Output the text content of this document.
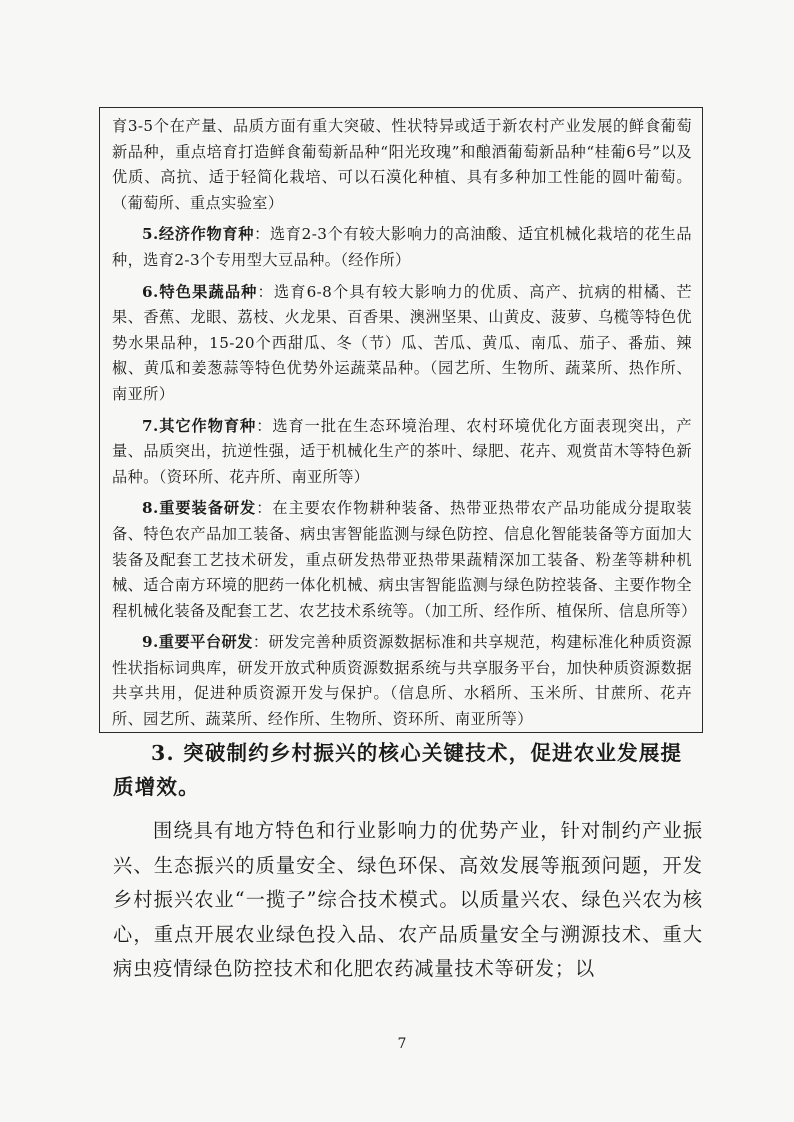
育3-5个在产量、品质方面有重大突破、性状特异或适于新农村产业发展的鲜食葡萄新品种，重点培育打造鲜食葡萄新品种“阳光玫瑰”和酿酒葡萄新品种“桂葡6号”以及优质、高抗、适于轻简化栽培、可以石漠化种植、具有多种加工性能的圆叶葡萄。（葡萄所、重点实验室）

5.经济作物育种：选育2-3个有较大影响力的高油酸、适宜机械化栽培的花生品种，选育2-3个专用型大豆品种。（经作所）

6.特色果蔬品种：选育6-8个具有较大影响力的优质、高产、抗病的柑橘、芒果、香蕉、龙眼、荔枝、火龙果、百香果、澳洲坚果、山黄皮、菠萝、乌榄等特色优势水果品种，15-20个西甜瓜、冬（节）瓜、苦瓜、黄瓜、南瓜、茄子、番茄、辣椒、黄瓜和姜葱蒜等特色优势外运蔬菜品种。（园艺所、生物所、蔬菜所、热作所、南亚所）

7.其它作物育种：选育一批在生态环境治理、农村环境优化方面表现突出，产量、品质突出，抗逆性强，适于机械化生产的茶叶、绿肥、花卉、观赏苗木等特色新品种。（资环所、花卉所、南亚所等）

8.重要装备研发：在主要农作物耕种装备、热带亚热带农产品功能成分提取装备、特色农产品加工装备、病虫害智能监测与绿色防控、信息化智能装备等方面加大装备及配套工艺技术研发，重点研发热带亚热带果蔬精深加工装备、粉垄等耕种机械、适合南方环境的肥药一体化机械、病虫害智能监测与绿色防控装备、主要作物全程机械化装备及配套工艺、农艺技术系统等。（加工所、经作所、植保所、信息所等）

9.重要平台研发：研发完善种质资源数据标准和共享规范，构建标准化种质资源性状指标词典库，研发开放式种质资源数据系统与共享服务平台，加快种质资源数据共享共用，促进种质资源开发与保护。（信息所、水稻所、玉米所、甘蔗所、花卉所、园艺所、蔬菜所、经作所、生物所、资环所、南亚所等）

3. 突破制约乡村振兴的核心关键技术，促进农业发展提质增效。
围绕具有地方特色和行业影响力的优势产业，针对制约产业振兴、生态振兴的质量安全、绿色环保、高效发展等瓶颈问题，开发乡村振兴农业“一揽子”综合技术模式。以质量兴农、绿色兴农为核心，重点开展农业绿色投入品、农产品质量安全与溯源技术、重大病虫疫情绿色防控技术和化肥农药减量技术等研发；以
7
